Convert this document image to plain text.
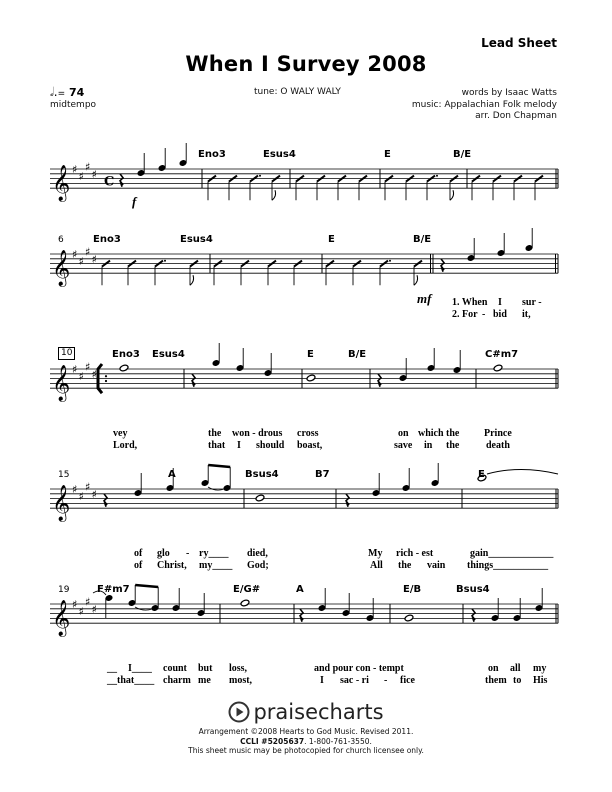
Lead Sheet
When I Survey 2008
𝅗𝅥.= 74
midtempo
tune: O WALY WALY	words by Isaac Watts
music: Appalachian Folk melody
arr. Don Chapman
𝄞 ♯
♯
♯
♯
C
Eno3	Esus4	E	B/E
f
𝄞 ♯
♯
♯
♯
6	Eno3	Esus4	E	B/E
mf 1. When I sur -
2. For - bid it,
𝄞 ♯
♯
♯
♯
10	Eno3 Esus4	E	B/E	C#m7
vey	the won - drous cross	on which the Prince
Lord,	that I should boast,	save in the	death
𝄞 ♯
♯
♯
♯
15	A	Bsus4	B7	E
of glo - ry____ died,	My rich - est	gain_____________
of Christ, my____ God;	All the vain things___________
𝄞 ♯
♯
♯
♯
19	F#m7	E/G#	A	E/B	Bsus4
__ I____ count but loss,	and pour con - tempt	on all my
__that____ charm me most,	I sac - ri - fice	them to His
praisecharts
Arrangement ©2008 Hearts to God Music. Revised 2011.
CCLI #5205637. 1-800-761-3550.
This sheet music may be photocopied for church licensee only.
